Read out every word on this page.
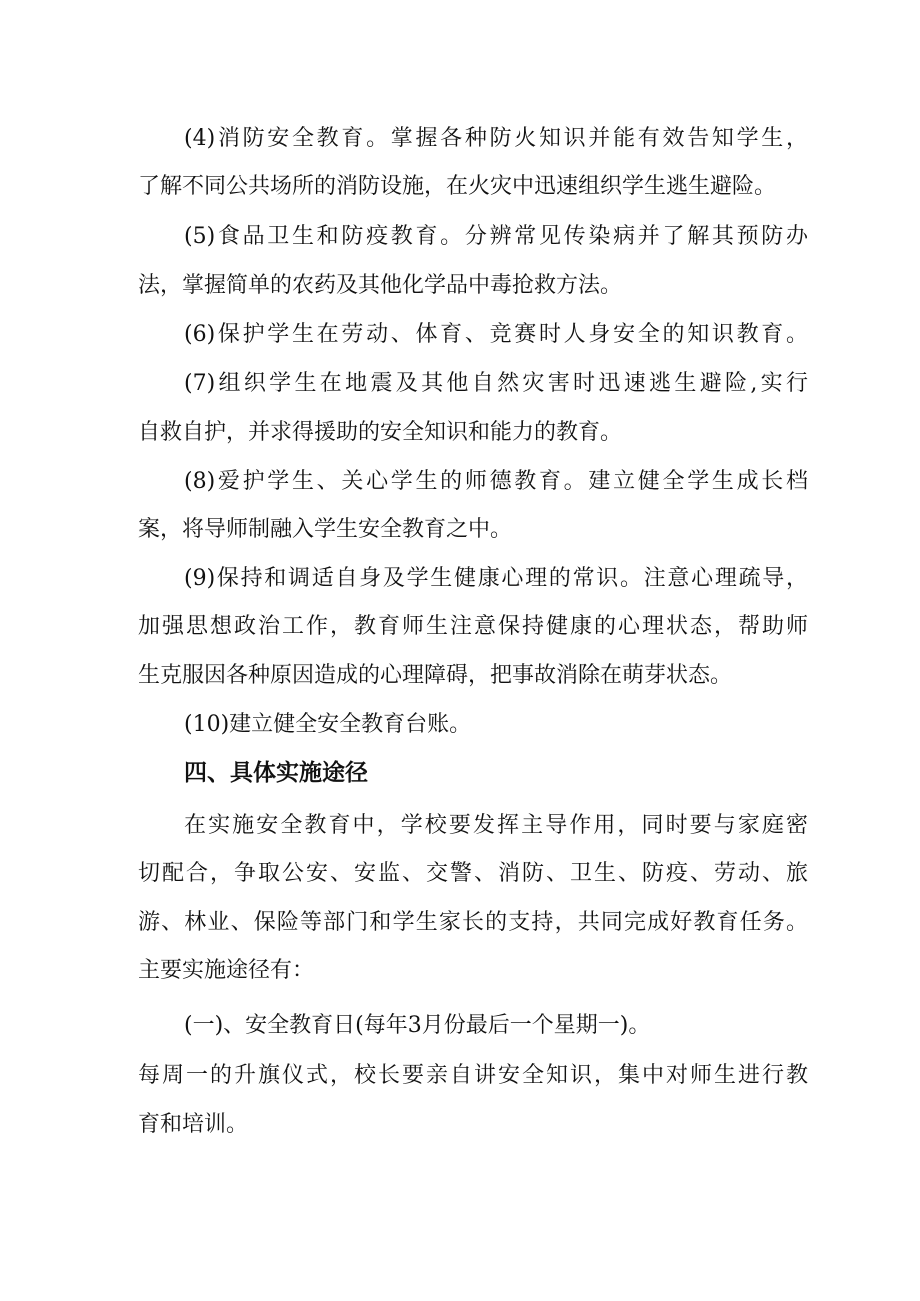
(4)消防安全教育。掌握各种防火知识并能有效告知学生，
了解不同公共场所的消防设施，在火灾中迅速组织学生逃生避险。
(5)食品卫生和防疫教育。分辨常见传染病并了解其预防办
法，掌握简单的农药及其他化学品中毒抢救方法。
(6)保护学生在劳动、体育、竞赛时人身安全的知识教育。
(7)组织学生在地震及其他自然灾害时迅速逃生避险,实行
自救自护，并求得援助的安全知识和能力的教育。
(8)爱护学生、关心学生的师德教育。建立健全学生成长档
案，将导师制融入学生安全教育之中。
(9)保持和调适自身及学生健康心理的常识。注意心理疏导，
加强思想政治工作，教育师生注意保持健康的心理状态，帮助师
生克服因各种原因造成的心理障碍，把事故消除在萌芽状态。
(10)建立健全安全教育台账。
四、具体实施途径
在实施安全教育中，学校要发挥主导作用，同时要与家庭密
切配合，争取公安、安监、交警、消防、卫生、防疫、劳动、旅
游、林业、保险等部门和学生家长的支持，共同完成好教育任务。
主要实施途径有：
(一)、安全教育日(每年3月份最后一个星期一)。
每周一的升旗仪式，校长要亲自讲安全知识，集中对师生进行教
育和培训。
